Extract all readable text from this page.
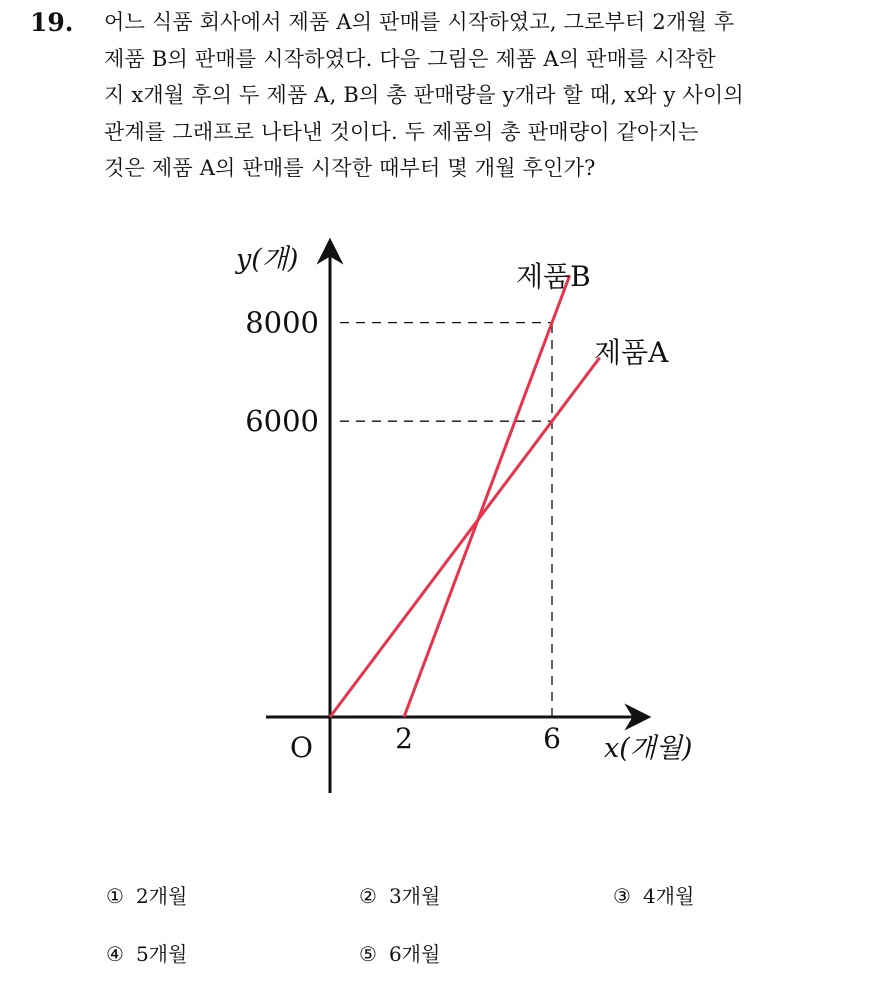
19. 어느 식품 회사에서 제품 A의 판매를 시작하였고, 그로부터 2개월 후
제품 B의 판매를 시작하였다. 다음 그림은 제품 A의 판매를 시작한
지 x개월 후의 두 제품 A, B의 총 판매량을 y개라 할 때, x와 y 사이의
관계를 그래프로 나타낸 것이다. 두 제품의 총 판매량이 같아지는
것은 제품 A의 판매를 시작한 때부터 몇 개월 후인가?
y(개)
x(개월)
O
6000
8000
2	6
제품B
제품A
① 2개월	② 3개월	③ 4개월
④ 5개월	⑤ 6개월
